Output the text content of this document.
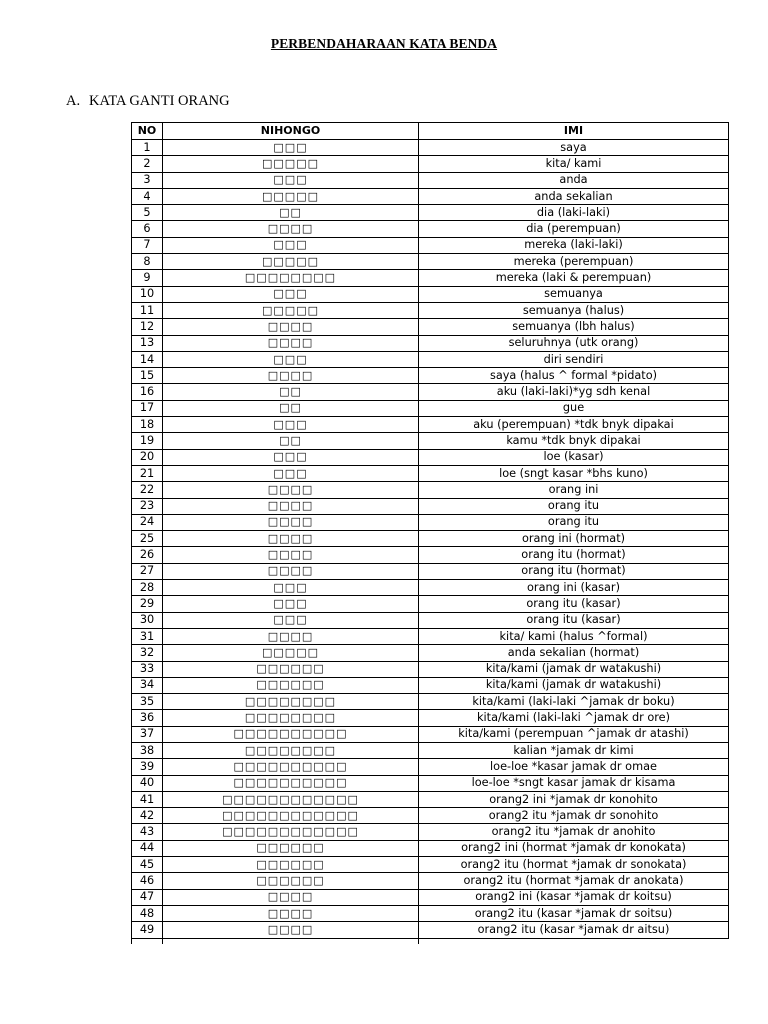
PERBENDAHARAAN KATA BENDA
A. KATA GANTI ORANG
NO	NIHONGO	IMI
1	□□□	saya
2	□□□□□	kita/ kami
3	□□□	anda
4	□□□□□	anda sekalian
5	□□	dia (laki-laki)
6	□□□□	dia (perempuan)
7	□□□	mereka (laki-laki)
8	□□□□□	mereka (perempuan)
9	□□□□□□□□	mereka (laki & perempuan)
10	□□□	semuanya
11	□□□□□	semuanya (halus)
12	□□□□	semuanya (lbh halus)
13	□□□□	seluruhnya (utk orang)
14	□□□	diri sendiri
15	□□□□	saya (halus ^ formal *pidato)
16	□□	aku (laki-laki)*yg sdh kenal
17	□□	gue
18	□□□	aku (perempuan) *tdk bnyk dipakai
19	□□	kamu *tdk bnyk dipakai
20	□□□	loe (kasar)
21	□□□	loe (sngt kasar *bhs kuno)
22	□□□□	orang ini
23	□□□□	orang itu
24	□□□□	orang itu
25	□□□□	orang ini (hormat)
26	□□□□	orang itu (hormat)
27	□□□□	orang itu (hormat)
28	□□□	orang ini (kasar)
29	□□□	orang itu (kasar)
30	□□□	orang itu (kasar)
31	□□□□	kita/ kami (halus ^formal)
32	□□□□□	anda sekalian (hormat)
33	□□□□□□	kita/kami (jamak dr watakushi)
34	□□□□□□	kita/kami (jamak dr watakushi)
35	□□□□□□□□	kita/kami (laki-laki ^jamak dr boku)
36	□□□□□□□□	kita/kami (laki-laki ^jamak dr ore)
37	□□□□□□□□□□	kita/kami (perempuan ^jamak dr atashi)
38	□□□□□□□□	kalian *jamak dr kimi
39	□□□□□□□□□□	loe-loe *kasar jamak dr omae
40	□□□□□□□□□□	loe-loe *sngt kasar jamak dr kisama
41	□□□□□□□□□□□□	orang2 ini *jamak dr konohito
42	□□□□□□□□□□□□	orang2 itu *jamak dr sonohito
43	□□□□□□□□□□□□	orang2 itu *jamak dr anohito
44	□□□□□□	orang2 ini (hormat *jamak dr konokata)
45	□□□□□□	orang2 itu (hormat *jamak dr sonokata)
46	□□□□□□	orang2 itu (hormat *jamak dr anokata)
47	□□□□	orang2 ini (kasar *jamak dr koitsu)
48	□□□□	orang2 itu (kasar *jamak dr soitsu)
49	□□□□	orang2 itu (kasar *jamak dr aitsu)
